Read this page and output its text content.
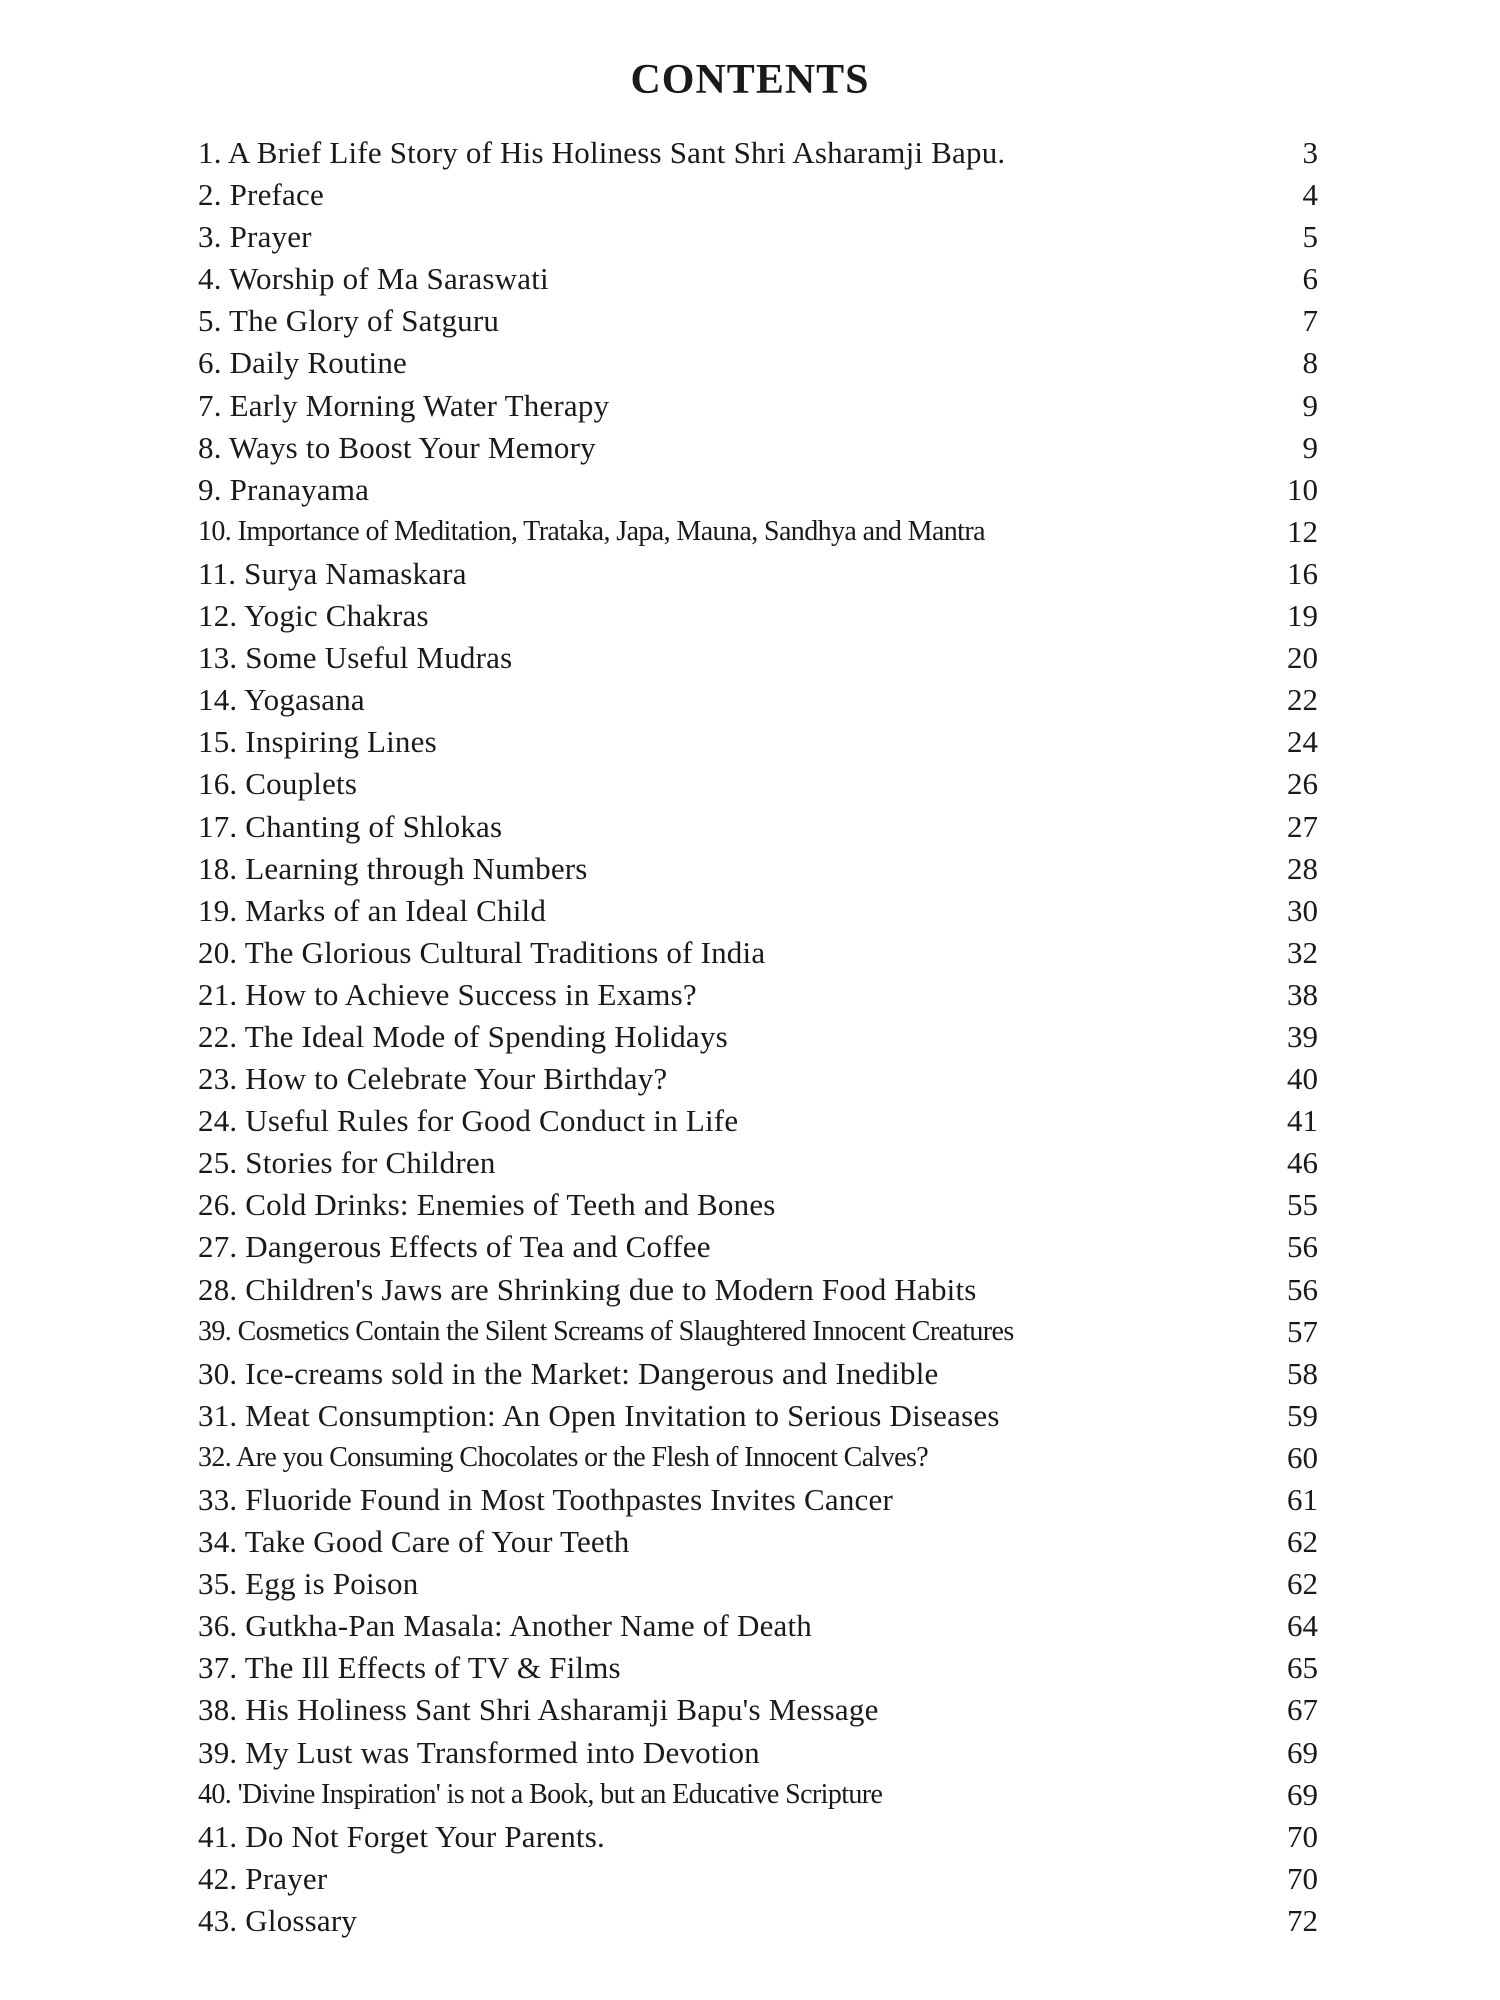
CONTENTS
1. A Brief Life Story of His Holiness Sant Shri Asharamji Bapu.	3
2. Preface	4
3. Prayer	5
4. Worship of Ma Saraswati	6
5. The Glory of Satguru	7
6. Daily Routine	8
7. Early Morning Water Therapy	9
8. Ways to Boost Your Memory	9
9. Pranayama	10
10. Importance of Meditation, Trataka, Japa, Mauna, Sandhya and Mantra	12
11. Surya Namaskara	16
12. Yogic Chakras	19
13. Some Useful Mudras	20
14. Yogasana	22
15. Inspiring Lines	24
16. Couplets	26
17. Chanting of Shlokas	27
18. Learning through Numbers	28
19. Marks of an Ideal Child	30
20. The Glorious Cultural Traditions of India	32
21. How to Achieve Success in Exams?	38
22. The Ideal Mode of Spending Holidays	39
23. How to Celebrate Your Birthday?	40
24. Useful Rules for Good Conduct in Life	41
25. Stories for Children	46
26. Cold Drinks: Enemies of Teeth and Bones	55
27. Dangerous Effects of Tea and Coffee	56
28. Children's Jaws are Shrinking due to Modern Food Habits	56
39. Cosmetics Contain the Silent Screams of Slaughtered Innocent Creatures	57
30. Ice-creams sold in the Market: Dangerous and Inedible	58
31. Meat Consumption: An Open Invitation to Serious Diseases	59
32. Are you Consuming Chocolates or the Flesh of Innocent Calves?	60
33. Fluoride Found in Most Toothpastes Invites Cancer	61
34. Take Good Care of Your Teeth	62
35. Egg is Poison	62
36. Gutkha-Pan Masala: Another Name of Death	64
37. The Ill Effects of TV & Films	65
38. His Holiness Sant Shri Asharamji Bapu's Message	67
39. My Lust was Transformed into Devotion	69
40. 'Divine Inspiration' is not a Book, but an Educative Scripture	69
41. Do Not Forget Your Parents.	70
42. Prayer	70
43. Glossary	72
